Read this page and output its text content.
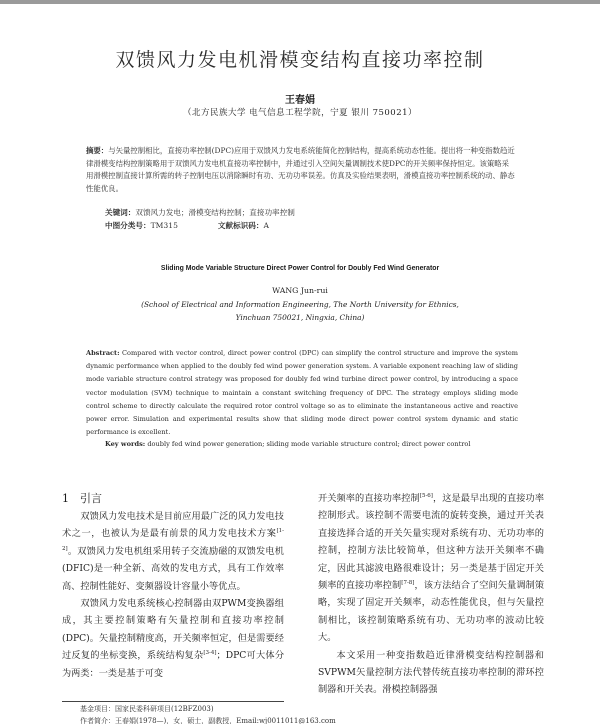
双馈风力发电机滑模变结构直接功率控制
王春娟
（北方民族大学 电气信息工程学院，宁夏 银川 750021）
摘要：与矢量控制相比，直接功率控制(DPC)应用于双馈风力发电系统能简化控制结构，提高系统动态性能。提出将一种变指数趋近律滑模变结构控制策略用于双馈风力发电机直接功率控制中，并通过引入空间矢量调制技术使DPC的开关频率保持恒定。该策略采用滑模控制直接计算所需的转子控制电压以消除瞬时有功、无功功率误差。仿真及实验结果表明，滑模直接功率控制系统的动、静态性能优良。
关键词：双馈风力发电；滑模变结构控制；直接功率控制
中图分类号：TM315	文献标识码：A
Sliding Mode Variable Structure Direct Power Control for Doubly Fed Wind Generator
WANG Jun-rui
(School of Electrical and Information Engineering, The North University for Ethnics,
Yinchuan 750021, Ningxia, China)
Abstract: Compared with vector control, direct power control (DPC) can simplify the control structure and improve the system dynamic performance when applied to the doubly fed wind power generation system. A variable exponent reaching law of sliding mode variable structure control strategy was proposed for doubly fed wind turbine direct power control, by introducing a space vector modulation (SVM) technique to maintain a constant switching frequency of DPC. The strategy employs sliding mode control scheme to directly calculate the required rotor control voltage so as to eliminate the instantaneous active and reactive power error. Simulation and experimental results show that sliding mode direct power control system dynamic and static performance is excellent.
Key words: doubly fed wind power generation; sliding mode variable structure control; direct power control
1  引言

双馈风力发电技术是目前应用最广泛的风力发电技术之一，也被认为是最有前景的风力发电技术方案[1-2]。双馈风力发电机组采用转子交流励磁的双馈发电机(DFIC)是一种全新、高效的发电方式，具有工作效率高、控制性能好、变频器设计容量小等优点。

双馈风力发电系统核心控制器由双PWM变换器组成，其主要控制策略有矢量控制和直接功率控制(DPC)。矢量控制精度高，开关频率恒定，但是需要经过反复的坐标变换，系统结构复杂[3-4]；DPC可大体分为两类：一类是基于可变

开关频率的直接功率控制[5-6]，这是最早出现的直接功率控制形式。该控制不需要电流的旋转变换，通过开关表直接选择合适的开关矢量实现对系统有功、无功功率的控制，控制方法比较简单，但这种方法开关频率不确定，因此其滤波电路很难设计；另一类是基于固定开关频率的直接功率控制[7-8]，该方法结合了空间矢量调制策略，实现了固定开关频率，动态性能优良，但与矢量控制相比，该控制策略系统有功、无功功率的波动比较大。

本文采用一种变指数趋近律滑模变结构控制器和SVPWM矢量控制方法代替传统直接功率控制的滞环控制器和开关表。滑模控制器强

基金项目：国家民委科研项目(12BFZ003)
作者简介：王春娟(1978—)，女，硕士，副教授，Email:wj0011011@163.com
